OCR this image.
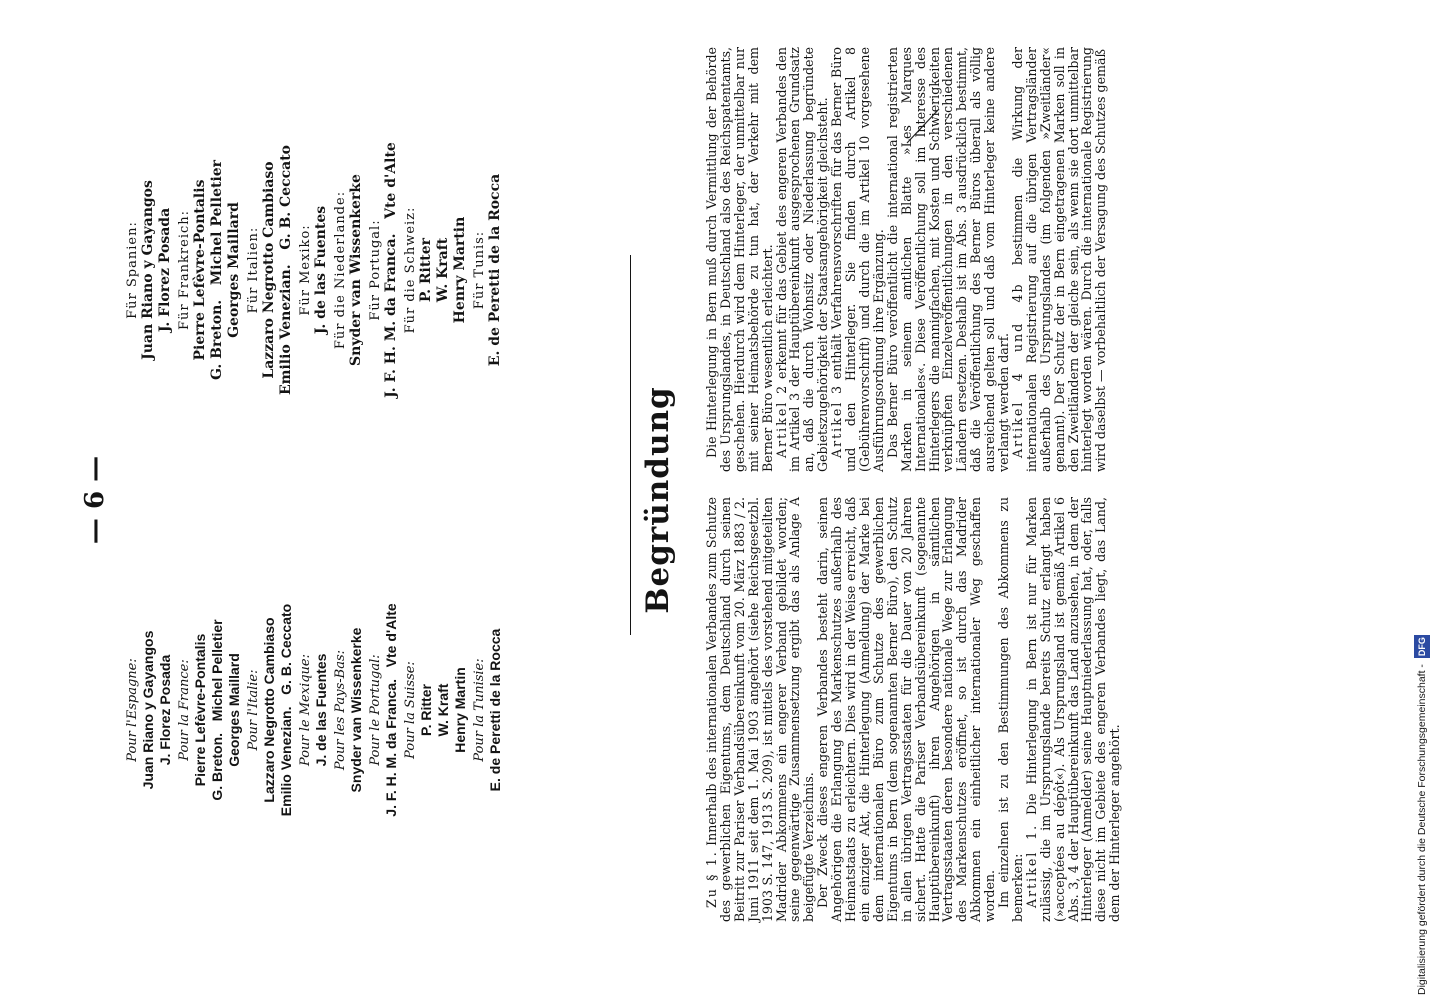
— 6 —
Pour l'Espagne: Juan Riano y Gayangos J. Florez Posada Pour la France: Pierre Lefèvre-Pontalis G. Breton.   Michel Pelletier Georges Maillard Pour l'Italie: Lazzaro Negrotto Cambiaso Emilio Venezian.   G. B. Ceccato Pour le Mexique: J. de las Fuentes Pour les Pays-Bas: Snyder van Wissenkerke Pour le Portugal: J. F. H. M. da Franca.   Vte d'Alte Pour la Suisse: P. Ritter W. Kraft Henry Martin Pour la Tunisie: E. de Peretti de la Rocca
Für Spanien: Juan Riano y Gayangos J. Florez Posada Für Frankreich: Pierre Lefèvre-Pontalis G. Breton.   Michel Pelletier Georges Maillard Für Italien: Lazzaro Negrotto Cambiaso Emilio Venezian.   G. B. Ceccato Für Mexiko: J. de las Fuentes Für die Niederlande: Snyder van Wissenkerke Für Portugal: J. F. H. M. da Franca.   Vte d'Alte Für die Schweiz: P. Ritter W. Kraft Henry Martin Für Tunis: E. de Peretti de la Rocca
Begründung

Zu § 1. Innerhalb des internationalen Verbandes zum Schutze des gewerblichen Eigentums, dem Deutschland durch seinen Beitritt zur Pariser Verbandsübereinkunft vom 20. März 1883 / 2. Juni 1911 seit dem 1. Mai 1903 angehört (siehe Reichsgesetzbl. 1903 S. 147, 1913 S. 209), ist mittels des vorstehend mitgeteilten Madrider Abkommens ein engerer Verband gebildet worden; seine gegenwärtige Zusammensetzung ergibt das als Anlage A beigefügte Verzeichnis.

Der Zweck dieses engeren Verbandes besteht darin, seinen Angehörigen die Erlangung des Markenschutzes außerhalb des Heimatstaats zu erleichtern. Dies wird in der Weise erreicht, daß ein einziger Akt, die Hinterlegung (Anmeldung) der Marke bei dem internationalen Büro zum Schutze des gewerblichen Eigentums in Bern (dem sogenannten Berner Büro), den Schutz in allen übrigen Vertragsstaaten für die Dauer von 20 Jahren sichert. Hatte die Pariser Verbandsübereinkunft (sogenannte Hauptübereinkunft) ihren Angehörigen in sämtlichen Vertragsstaaten deren besondere nationale Wege zur Erlangung des Markenschutzes eröffnet, so ist durch das Madrider Abkommen ein einheitlicher internationaler Weg geschaffen worden.

Im einzelnen ist zu den Bestimmungen des Abkommens zu bemerken:

Artikel 1. Die Hinterlegung in Bern ist nur für Marken zulässig, die im Ursprungslande bereits Schutz erlangt haben (»acceptées au dépôt«). Als Ursprungsland ist gemäß Artikel 6 Abs. 3, 4 der Hauptübereinkunft das Land anzusehen, in dem der Hinterleger (Anmelder) seine Hauptniederlassung hat, oder, falls diese nicht im Gebiete des engeren Verbandes liegt, das Land, dem der Hinterleger angehört.

Die Hinterlegung in Bern muß durch Vermittlung der Behörde des Ursprungslandes, in Deutschland also des Reichspatentamts, geschehen. Hierdurch wird dem Hinterleger, der unmittelbar nur mit seiner Heimatsbehörde zu tun hat, der Verkehr mit dem Berner Büro wesentlich erleichtert.

Artikel 2 erkennt für das Gebiet des engeren Verbandes den im Artikel 3 der Hauptübereinkunft ausgesprochenen Grundsatz an, daß die durch Wohnsitz oder Niederlassung begründete Gebietszugehörigkeit der Staatsangehörigkeit gleichsteht.

Artikel 3 enthält Verfahrensvorschriften für das Berner Büro und den Hinterleger. Sie finden durch Artikel 8 (Gebührenvorschrift) und durch die im Artikel 10 vorgesehene Ausführungsordnung ihre Ergänzung.

Das Berner Büro veröffentlicht die international registrierten Marken in seinem amtlichen Blatte »Les Marques Internationales«. Diese Veröffentlichung soll im Interesse des Hinterlegers die mannigfachen, mit Kosten und Schwierigkeiten verknüpften Einzelveröffentlichungen in den verschiedenen Ländern ersetzen. Deshalb ist im Abs. 3 ausdrücklich bestimmt, daß die Veröffentlichung des Berner Büros überall als völlig ausreichend gelten soll und daß vom Hinterleger keine andere verlangt werden darf.

Artikel 4 und 4b bestimmen die Wirkung der internationalen Registrierung auf die übrigen Vertragsländer außerhalb des Ursprungslandes (im folgenden »Zweitländer« genannt). Der Schutz der in Bern eingetragenen Marken soll in den Zweitländern der gleiche sein, als wenn sie dort unmittelbar hinterlegt worden wären. Durch die internationale Registrierung wird daselbst — vorbehaltlich der Versagung des Schutzes gemäß

Digitalisierung gefördert durch die Deutsche Forschungsgemeinschaft - DFG
